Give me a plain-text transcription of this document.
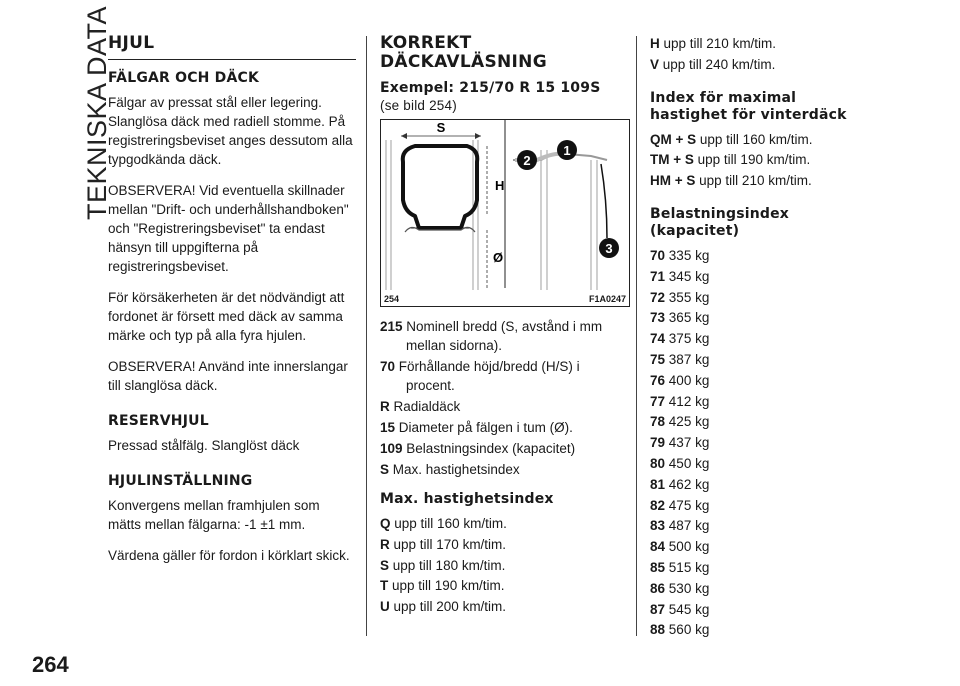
TEKNISKA DATA
264
HJUL
FÄLGAR OCH DÄCK

Fälgar av pressat stål eller legering. Slanglösa däck med radiell stomme. På registreringsbeviset anges dessutom alla typgodkända däck.

OBSERVERA! Vid eventuella skillnader mellan "Drift- och underhållshandboken" och "Registreringsbeviset" ta endast hänsyn till uppgifterna på registreringsbeviset.

För körsäkerheten är det nödvändigt att fordonet är försett med däck av samma märke och typ på alla fyra hjulen.

OBSERVERA! Använd inte innerslangar till slanglösa däck.

RESERVHJUL

Pressad stålfälg. Slanglöst däck

HJULINSTÄLLNING

Konvergens mellan framhjulen som mätts mellan fälgarna: -1 ±1 mm.

Värdena gäller för fordon i körklart skick.

KORREKT DÄCKAVLÄSNING
Exempel: 215/70 R 15 109S (se bild 254)
S
H
Ø
1
2
3
254	F1A0247
215 Nominell bredd (S, avstånd i mm mellan sidorna).
70 Förhållande höjd/bredd (H/S) i procent.
R Radialdäck
15 Diameter på fälgen i tum (Ø).
109 Belastningsindex (kapacitet)
S Max. hastighetsindex
Max. hastighetsindex
Q upp till 160 km/tim.
R upp till 170 km/tim.
S upp till 180 km/tim.
T upp till 190 km/tim.
U upp till 200 km/tim.
H upp till 210 km/tim.
V upp till 240 km/tim.
Index för maximal hastighet för vinterdäck
QM + S upp till 160 km/tim.
TM + S upp till 190 km/tim.
HM + S upp till 210 km/tim.
Belastningsindex (kapacitet)
70 335 kg
71 345 kg
72 355 kg
73 365 kg
74 375 kg
75 387 kg
76 400 kg
77 412 kg
78 425 kg
79 437 kg
80 450 kg
81 462 kg
82 475 kg
83 487 kg
84 500 kg
85 515 kg
86 530 kg
87 545 kg
88 560 kg
